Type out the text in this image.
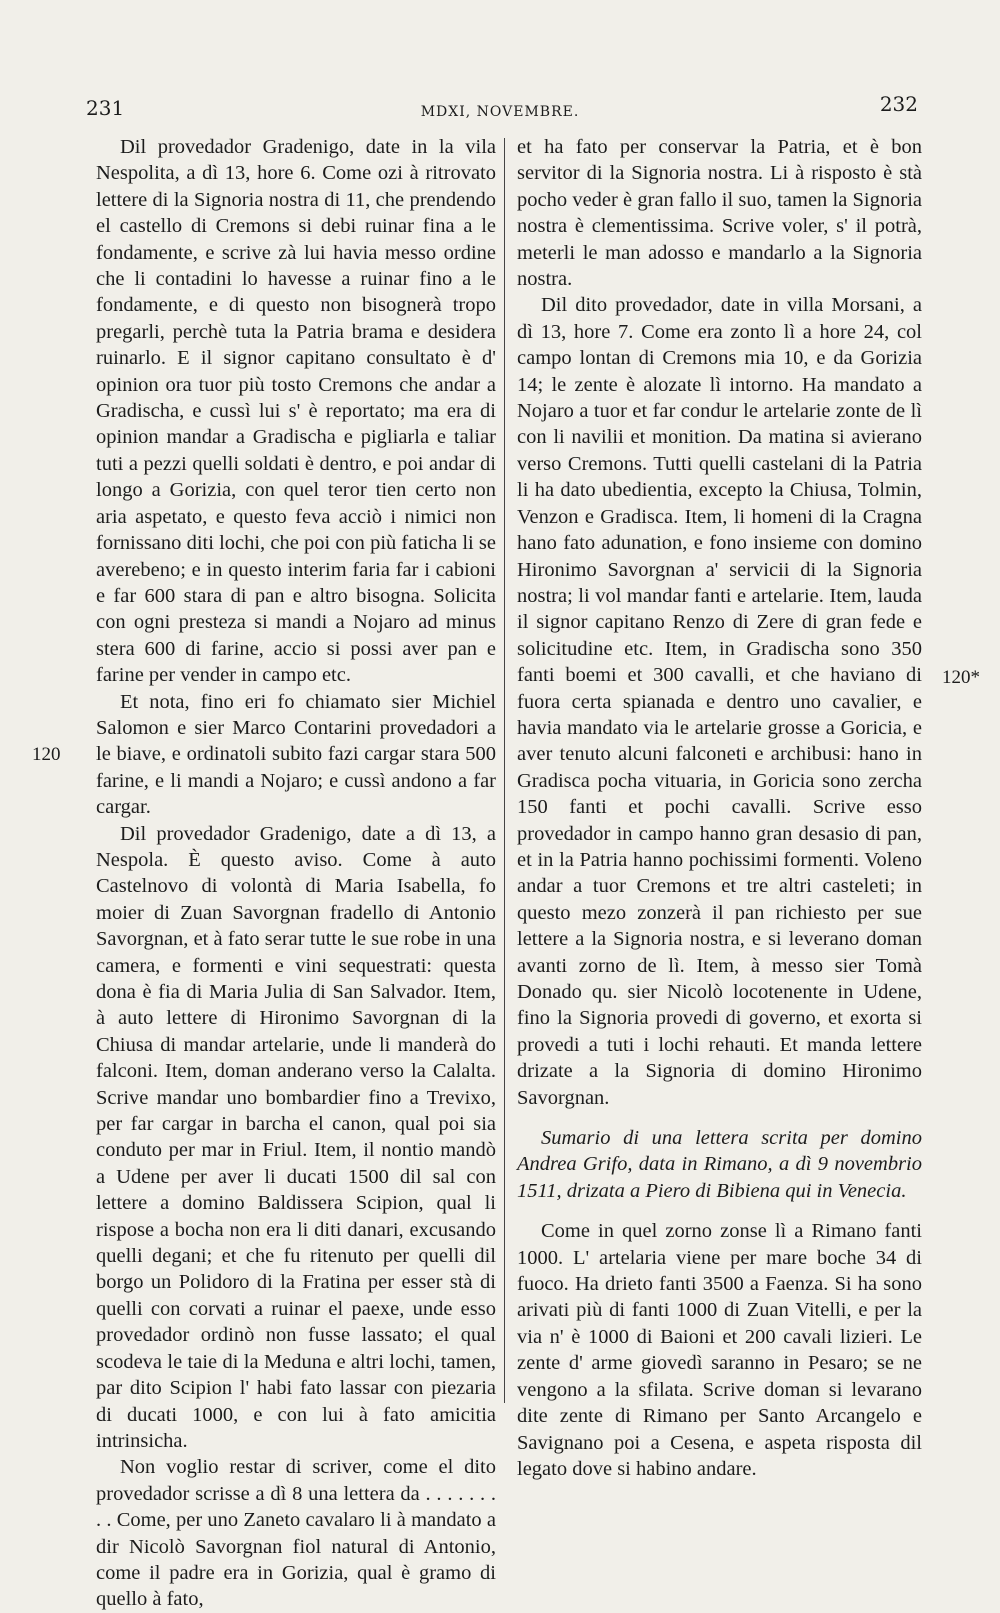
231	MDXI, NOVEMBRE.	232
120
120*

Dil provedador Gradenigo, date in la vila Nespolita, a dì 13, hore 6. Come ozi à ritrovato lettere di la Signoria nostra di 11, che prendendo el castello di Cremons si debi ruinar fina a le fondamente, e scrive zà lui havia messo ordine che li contadini lo havesse a ruinar fino a le fondamente, e di questo non bisognerà tropo pregarli, perchè tuta la Patria brama e desidera ruinarlo. E il signor capitano consultato è d' opinion ora tuor più tosto Cremons che andar a Gradischa, e cussì lui s' è reportato; ma era di opinion mandar a Gradischa e pigliarla e taliar tuti a pezzi quelli soldati è dentro, e poi andar di longo a Gorizia, con quel teror tien certo non aria aspetato, e questo feva acciò i nimici non fornissano diti lochi, che poi con più faticha li se averebeno; e in questo interim faria far i cabioni e far 600 stara di pan e altro bisogna. Solicita con ogni presteza si mandi a Nojaro ad minus stera 600 di farine, accio si possi aver pan e farine per vender in campo etc.

Et nota, fino eri fo chiamato sier Michiel Salomon e sier Marco Contarini provedadori a le biave, e ordinatoli subito fazi cargar stara 500 farine, e li mandi a Nojaro; e cussì andono a far cargar.

Dil provedador Gradenigo, date a dì 13, a Nespola. È questo aviso. Come à auto Castelnovo di volontà di Maria Isabella, fo moier di Zuan Savorgnan fradello di Antonio Savorgnan, et à fato serar tutte le sue robe in una camera, e formenti e vini sequestrati: questa dona è fia di Maria Julia di San Salvador. Item, à auto lettere di Hironimo Savorgnan di la Chiusa di mandar artelarie, unde li manderà do falconi. Item, doman anderano verso la Calalta. Scrive mandar uno bombardier fino a Trevixo, per far cargar in barcha el canon, qual poi sia conduto per mar in Friul. Item, il nontio mandò a Udene per aver li ducati 1500 dil sal con lettere a domino Baldissera Scipion, qual li rispose a bocha non era li diti danari, excusando quelli degani; et che fu ritenuto per quelli dil borgo un Polidoro di la Fratina per esser stà di quelli con corvati a ruinar el paexe, unde esso provedador ordinò non fusse lassato; el qual scodeva le taie di la Meduna e altri lochi, tamen, par dito Scipion l' habi fato lassar con piezaria di ducati 1000, e con lui à fato amicitia intrinsicha.

Non voglio restar di scriver, come el dito provedador scrisse a dì 8 una lettera da . . . . . . . . . Come, per uno Zaneto cavalaro li à mandato a dir Nicolò Savorgnan fiol natural di Antonio, come il padre era in Gorizia, qual è gramo di quello à fato,

et ha fato per conservar la Patria, et è bon servitor di la Signoria nostra. Li à risposto è stà pocho veder è gran fallo il suo, tamen la Signoria nostra è clementissima. Scrive voler, s' il potrà, meterli le man adosso e mandarlo a la Signoria nostra.

Dil dito provedador, date in villa Morsani, a dì 13, hore 7. Come era zonto lì a hore 24, col campo lontan di Cremons mia 10, e da Gorizia 14; le zente è alozate lì intorno. Ha mandato a Nojaro a tuor et far condur le artelarie zonte de lì con li navilii et monition. Da matina si avierano verso Cremons. Tutti quelli castelani di la Patria li ha dato ubedientia, excepto la Chiusa, Tolmin, Venzon e Gradisca. Item, li homeni di la Cragna hano fato adunation, e fono insieme con domino Hironimo Savorgnan a' servicii di la Signoria nostra; li vol mandar fanti e artelarie. Item, lauda il signor capitano Renzo di Zere di gran fede e solicitudine etc. Item, in Gradischa sono 350 fanti boemi et 300 cavalli, et che haviano di fuora certa spianada e dentro uno cavalier, e havia mandato via le artelarie grosse a Goricia, e aver tenuto alcuni falconeti e archibusi: hano in Gradisca pocha vituaria, in Goricia sono zercha 150 fanti et pochi cavalli. Scrive esso provedador in campo hanno gran desasio di pan, et in la Patria hanno pochissimi formenti. Voleno andar a tuor Cremons et tre altri casteleti; in questo mezo zonzerà il pan richiesto per sue lettere a la Signoria nostra, e si leverano doman avanti zorno de lì. Item, à messo sier Tomà Donado qu. sier Nicolò locotenente in Udene, fino la Signoria provedi di governo, et exorta si provedi a tuti i lochi rehauti. Et manda lettere drizate a la Signoria di domino Hironimo Savorgnan.

Sumario di una lettera scrita per domino Andrea Grifo, data in Rimano, a dì 9 novembrio 1511, drizata a Piero di Bibiena qui in Venecia.

Come in quel zorno zonse lì a Rimano fanti 1000. L' artelaria viene per mare boche 34 di fuoco. Ha drieto fanti 3500 a Faenza. Si ha sono arivati più di fanti 1000 di Zuan Vitelli, e per la via n' è 1000 di Baioni et 200 cavali lizieri. Le zente d' arme giovedì saranno in Pesaro; se ne vengono a la sfilata. Scrive doman si levarano dite zente di Rimano per Santo Arcangelo e Savignano poi a Cesena, e aspeta risposta dil legato dove si habino andare.
